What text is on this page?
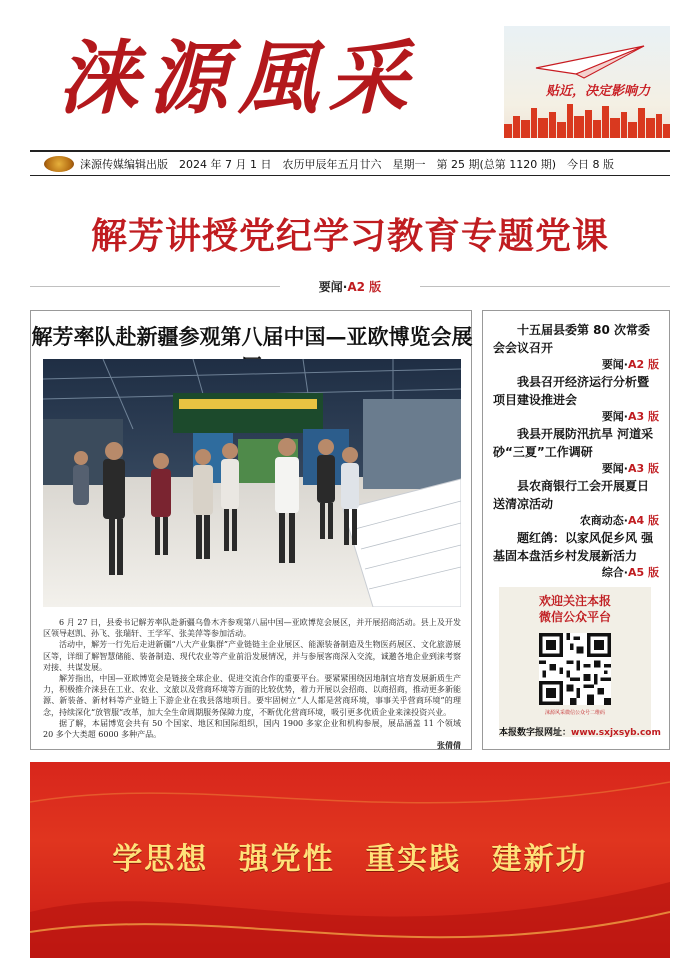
涞源風采	贴近，决定影响力
涞源传媒编辑出版 2024 年 7 月 1 日 农历甲辰年五月廿六 星期一 第 25 期(总第 1120 期) 今日 8 版
解芳讲授党纪学习教育专题党课
要闻·A2 版
解芳率队赴新疆参观第八届中国—亚欧博览会展

6 月 27 日，县委书记解芳率队赴新疆乌鲁木齐参观第八届中国—亚欧博览会展区，并开展招商活动。县上及开发区领导赵凯、孙飞、张瑞轩、王学军、张美萍等参加活动。

活动中，解芳一行先后走进新疆“八大产业集群”产业链链主企业展区、能源装备制造及生物医药展区、文化旅游展区等，详细了解智慧储能、装备制造、现代农业等产业前沿发展情况，并与参展客商深入交流，诚邀各地企业到涞考察对接、共谋发展。

解芳指出，中国—亚欧博览会是链接全球企业、促进交流合作的重要平台。要紧紧围绕因地制宜培育发展新质生产力，积极推介涞县在工业、农业、文旅以及营商环境等方面的比较优势，着力开展以会招商、以商招商，推动更多新能源、新装备、新材料等产业链上下游企业在我县落地项目。要牢固树立“人人都是营商环境，事事关乎营商环境”的理念，持续深化“放管服”改革，加大全生命周期服务保障力度，不断优化营商环境，吸引更多优质企业来涞投资兴业。

据了解，本届博览会共有 50 个国家、地区和国际组织，国内 1900 多家企业和机构参展，展品涵盖 11 个领域 20 多个大类超 6000 多种产品。

张倩倩
十五届县委第 80 次常委会会议召开
要闻·A2 版
我县召开经济运行分析暨项目建设推进会
要闻·A3 版
我县开展防汛抗旱 河道采砂“三夏”工作调研
要闻·A3 版
县农商银行工会开展夏日送清凉活动
农商动态·A4 版
题红鸽：以家风促乡风 强基固本盘活乡村发展新活力
综合·A5 版
欢迎关注本报
微信公众平台
涞源风采微信公众号二维码
本报数字报网址：www.sxjxsyb.com
学思想 强党性 重实践 建新功
